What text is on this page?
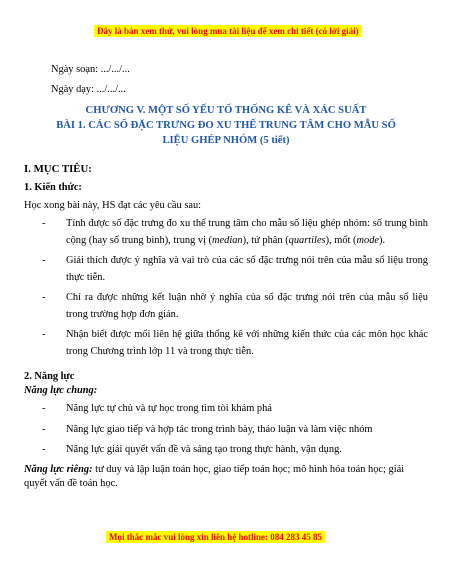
Đây là bản xem thử, vui lòng mua tài liệu để xem chi tiết (có lời giải)
Ngày soạn: .../.../...
Ngày dạy: .../.../...
CHƯƠNG V. MỘT SỐ YẾU TỐ THỐNG KÊ VÀ XÁC SUẤT
BÀI 1. CÁC SỐ ĐẶC TRƯNG ĐO XU THẾ TRUNG TÂM CHO MẪU SỐ
LIỆU GHÉP NHÓM (5 tiết)
I. MỤC TIÊU:
1. Kiến thức:

Học xong bài này, HS đạt các yêu cầu sau:

- Tính được số đặc trưng đo xu thế trung tâm cho mẫu số liệu ghép nhóm: số trung bình cộng (hay số trung bình), trung vị (median), tứ phân (quartiles), mốt (mode).
- Giải thích được ý nghĩa và vai trò của các số đặc trưng nói trên của mẫu số liệu trong thực tiễn.
- Chỉ ra được những kết luận nhờ ý nghĩa của số đặc trưng nói trên của mẫu số liệu trong trường hợp đơn giản.
- Nhận biết được mối liên hệ giữa thống kê với những kiến thức của các môn học khác trong Chương trình lớp 11 và trong thực tiễn.
2. Năng lực
Năng lực chung:
- Năng lực tự chủ và tự học trong tìm tòi khám phá
- Năng lực giao tiếp và hợp tác trong trình bày, thảo luận và làm việc nhóm
- Năng lực giải quyết vấn đề và sáng tạo trong thực hành, vận dụng.

Năng lực riêng: tư duy và lập luận toán học, giao tiếp toán học; mô hình hóa toán học; giải quyết vấn đề toán học.

Mọi thắc mắc vui lòng xin liên hệ hotline: 084 283 45 85
